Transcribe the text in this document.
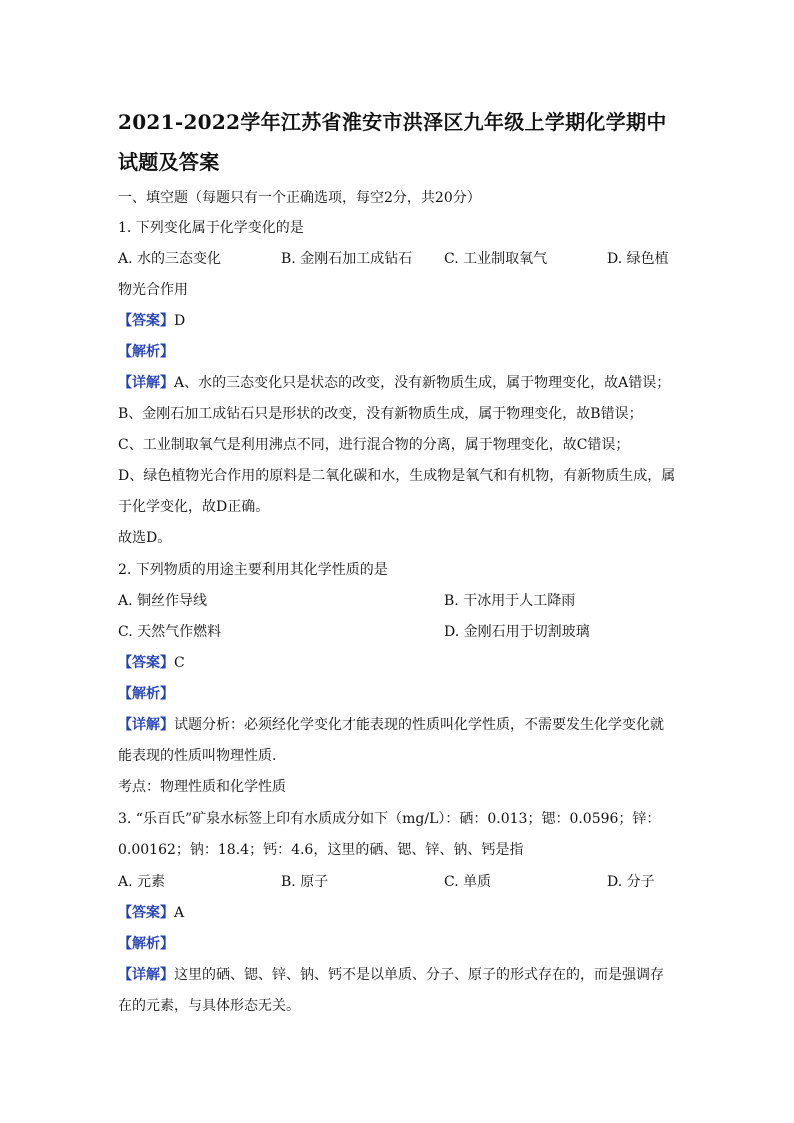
2021-2022学年江苏省淮安市洪泽区九年级上学期化学期中
试题及答案
一、填空题（每题只有一个正确选项，每空2分，共20分）
1. 下列变化属于化学变化的是
A. 水的三态变化	B. 金刚石加工成钻石 C. 工业制取氧气	D. 绿色植
物光合作用
【答案】D
【解析】
【详解】A、水的三态变化只是状态的改变，没有新物质生成，属于物理变化，故A错误；
B、金刚石加工成钻石只是形状的改变，没有新物质生成，属于物理变化，故B错误；
C、工业制取氧气是利用沸点不同，进行混合物的分离，属于物理变化，故C错误；
D、绿色植物光合作用的原料是二氧化碳和水，生成物是氧气和有机物，有新物质生成，属
于化学变化，故D正确。
故选D。
2. 下列物质的用途主要利用其化学性质的是
A. 铜丝作导线	B. 干冰用于人工降雨
C. 天然气作燃料	D. 金刚石用于切割玻璃
【答案】C
【解析】
【详解】试题分析：必须经化学变化才能表现的性质叫化学性质，不需要发生化学变化就
能表现的性质叫物理性质.
考点：物理性质和化学性质
3. “乐百氏”矿泉水标签上印有水质成分如下（mg/L）：硒：0.013；锶：0.0596；锌：
0.00162；钠：18.4；钙：4.6，这里的硒、锶、锌、钠、钙是指
A. 元素	B. 原子	C. 单质	D. 分子
【答案】A
【解析】
【详解】这里的硒、锶、锌、钠、钙不是以单质、分子、原子的形式存在的，而是强调存
在的元素，与具体形态无关。
